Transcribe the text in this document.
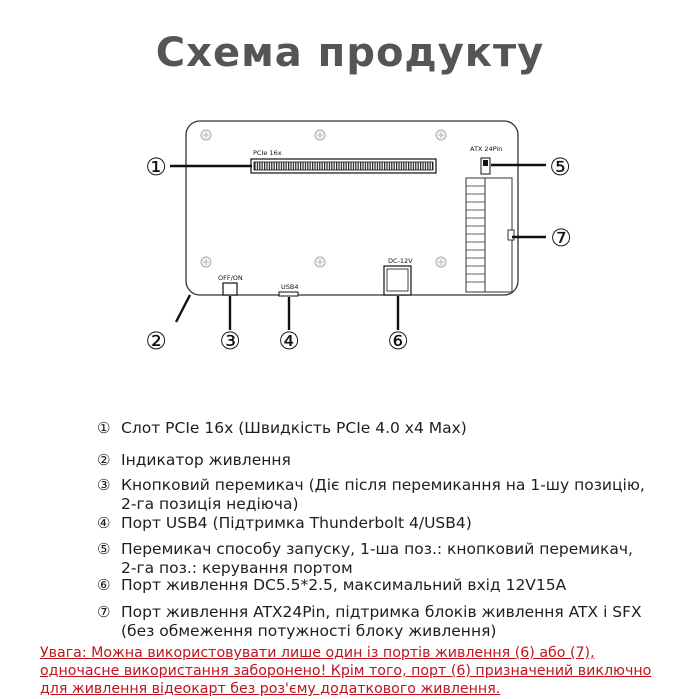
Схема продукту
PCIe 16x	ATX 24Pin
OFF/ON
USB4
DC-12V
①	⑤
⑦
② ③ ④	⑥
① Слот PCIe 16x (Швидкість PCIe 4.0 x4 Max)
② Індикатор живлення
③ Кнопковий перемикач (Діє після перемикання на 1-шу позицію, 2-га позиція недіюча)
④ Порт USB4 (Підтримка Thunderbolt 4/USB4)
⑤ Перемикач способу запуску, 1-ша поз.: кнопковий перемикач, 2-га поз.: керування портом
⑥ Порт живлення DC5.5*2.5, максимальний вхід 12V15A
⑦ Порт живлення ATX24Pin, підтримка блоків живлення ATX і SFX (без обмеження потужності блоку живлення)
Увага: Можна використовувати лише один із портів живлення (6) або (7), одночасне використання заборонено! Крім того, порт (6) призначений виключно для живлення відеокарт без роз'єму додаткового живлення.
